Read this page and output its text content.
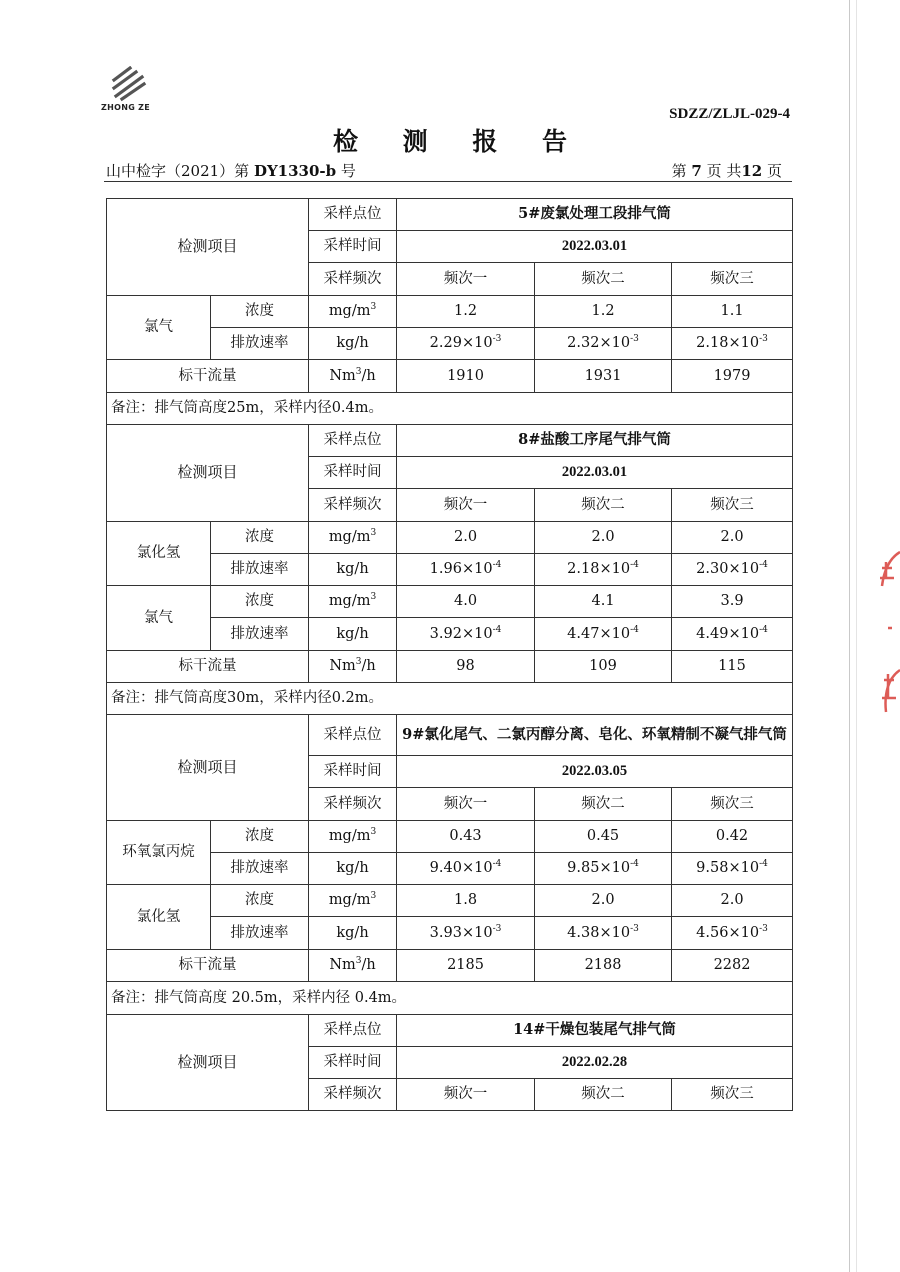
ZHONG ZE	SDZZ/ZLJL-029-4
检 测 报 告
山中检字（2021）第 DY1330-b 号	第 7 页 共12 页
检测项目		采样点位	5#废氯处理工段排气筒		
		采样时间	2022.03.01		
		采样频次	频次一	频次二	频次三
氯气	浓度	$mg/m^3$	1.2	1.2	1.1
	排放速率	kg/h	$2.29\times 10^{-3}$	$2.32\times 10^{-3}$	$2.18\times 10^{-3}$
标干流量		Nm$^3$/h	1910	1931	1979
备注：排气筒高度25m，采样内径0.4m。					
检测项目		采样点位	8#盐酸工序尾气排气筒		
		采样时间	2022.03.01		
		采样频次	频次一	频次二	频次三
氯化氢	浓度	$mg/m^3$	2.0	2.0	2.0
	排放速率	kg/h	$1.96\times 10^{-4}$	$2.18\times 10^{-4}$	$2.30\times 10^{-4}$
氯气	浓度	$mg/m^3$	4.0	4.1	3.9
	排放速率	kg/h	$3.92\times 10^{-4}$	$4.47\times 10^{-4}$	$4.49\times 10^{-4}$
标干流量		Nm$^3$/h	98	109	115
备注：排气筒高度30m，采样内径0.2m。					
检测项目		采样点位	9#氯化尾气、二氯丙醇分离、皂化、环氧精制不凝气排气筒		
		采样时间	2022.03.05		
		采样频次	频次一	频次二	频次三
环氧氯丙烷	浓度	$mg/m^3$	0.43	0.45	0.42
	排放速率	kg/h	$9.40\times 10^{-4}$	$9.85\times 10^{-4}$	$9.58\times 10^{-4}$
氯化氢	浓度	$mg/m^3$	1.8	2.0	2.0
	排放速率	kg/h	$3.93\times 10^{-3}$	$4.38\times 10^{-3}$	$4.56\times 10^{-3}$
标干流量		Nm$^3$/h	2185	2188	2282
备注：排气筒高度 20.5m，采样内径 0.4m。					
检测项目		采样点位	14#干燥包装尾气排气筒		
		采样时间	2022.02.28		
		采样频次	频次一	频次二	频次三
